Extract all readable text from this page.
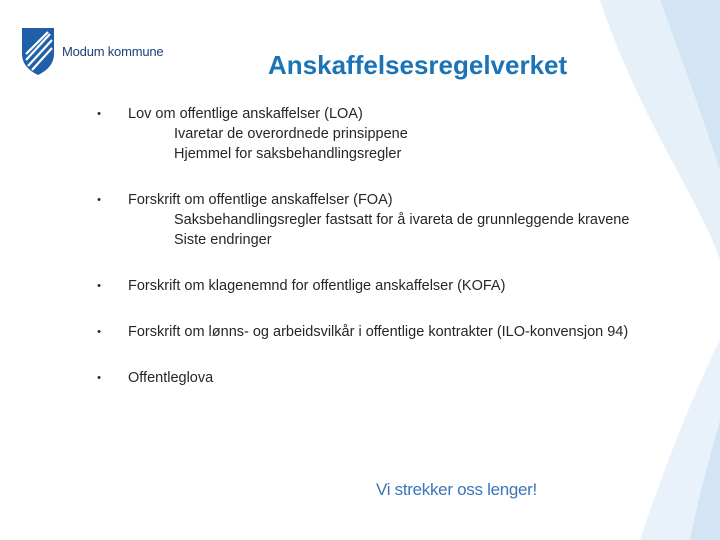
Modum kommune	Anskaffelsesregelverket
• Lov om offentlige anskaffelser (LOA)
Ivaretar de overordnede prinsippene
Hjemmel for saksbehandlingsregler
• Forskrift om offentlige anskaffelser (FOA)
Saksbehandlingsregler fastsatt for å ivareta de grunnleggende kravene
Siste endringer
• Forskrift om klagenemnd for offentlige anskaffelser (KOFA)
• Forskrift om lønns- og arbeidsvilkår i offentlige kontrakter (ILO-konvensjon 94)
• Offentleglova
Vi strekker oss lenger!
